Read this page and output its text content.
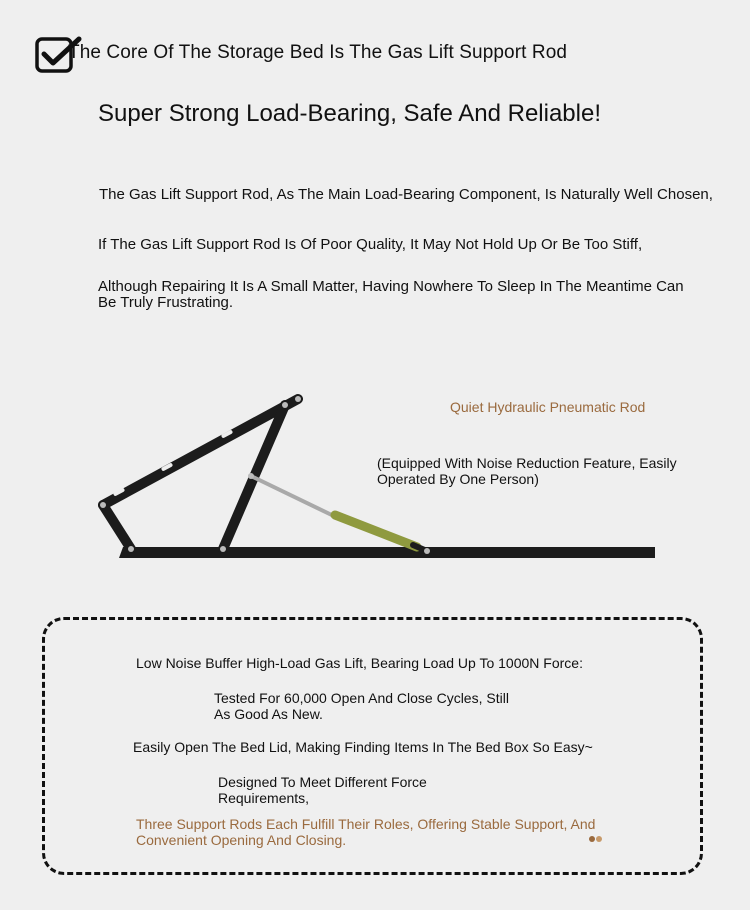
The Core Of The Storage Bed Is The Gas Lift Support Rod
Super Strong Load-Bearing, Safe And Reliable!
The Gas Lift Support Rod, As The Main Load-Bearing Component, Is Naturally Well Chosen,
If The Gas Lift Support Rod Is Of Poor Quality, It May Not Hold Up Or Be Too Stiff,
Although Repairing It Is A Small Matter, Having Nowhere To Sleep In The Meantime Can Be Truly Frustrating.
Quiet Hydraulic Pneumatic Rod
(Equipped With Noise Reduction Feature, Easily Operated By One Person)
Low Noise Buffer High-Load Gas Lift, Bearing Load Up To 1000N Force:
Tested For 60,000 Open And Close Cycles, Still As Good As New.
Easily Open The Bed Lid, Making Finding Items In The Bed Box So Easy~
Designed To Meet Different Force Requirements,
Three Support Rods Each Fulfill Their Roles, Offering Stable Support, And Convenient Opening And Closing.
